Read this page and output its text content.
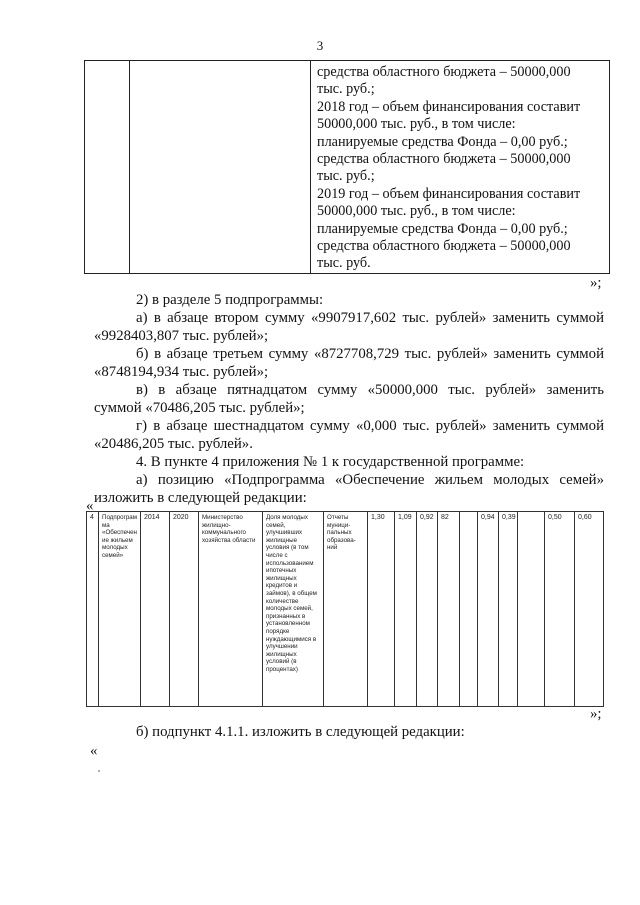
3

средства областного бюджета – 50000,000
тыс. руб.;
2018 год – объем финансирования составит
50000,000 тыс. руб., в том числе:
планируемые средства Фонда – 0,00 руб.;
средства областного бюджета – 50000,000
тыс. руб.;
2019 год – объем финансирования составит
50000,000 тыс. руб., в том числе:
планируемые средства Фонда – 0,00 руб.;
средства областного бюджета – 50000,000
тыс. руб.
»;
2) в разделе 5 подпрограммы:
а) в абзаце втором сумму «9907917,602 тыс. рублей» заменить суммой
«9928403,807 тыс. рублей»;
б) в абзаце третьем сумму «8727708,729 тыс. рублей» заменить суммой
«8748194,934 тыс. рублей»;
в) в абзаце пятнадцатом сумму «50000,000 тыс. рублей» заменить
суммой «70486,205 тыс. рублей»;
г) в абзаце шестнадцатом сумму «0,000 тыс. рублей» заменить суммой
«20486,205 тыс. рублей».
4. В пункте 4 приложения № 1 к государственной программе:
а) позицию «Подпрограмма «Обеспечение жильем молодых семей»
изложить в следующей редакции:
«
4	Подпрограм ма «Обеспечен ие жильем молодых семей»	2014	2020	Министерство жилищно-коммунального хозяйства области	Доля молодых семей, улучшивших жилищные условия (в том числе с использованием ипотечных жилищных кредитов и займов), в общем количестве молодых семей, признанных в установленном порядке нуждающимися в улучшении жилищных условий (в процентах)	Отчеты муници-пальных образова-ний	1,30	1,09	0,92	82		0,94	0,39		0,50	0,60
»;
б) подпункт 4.1.1. изложить в следующей редакции:
«
